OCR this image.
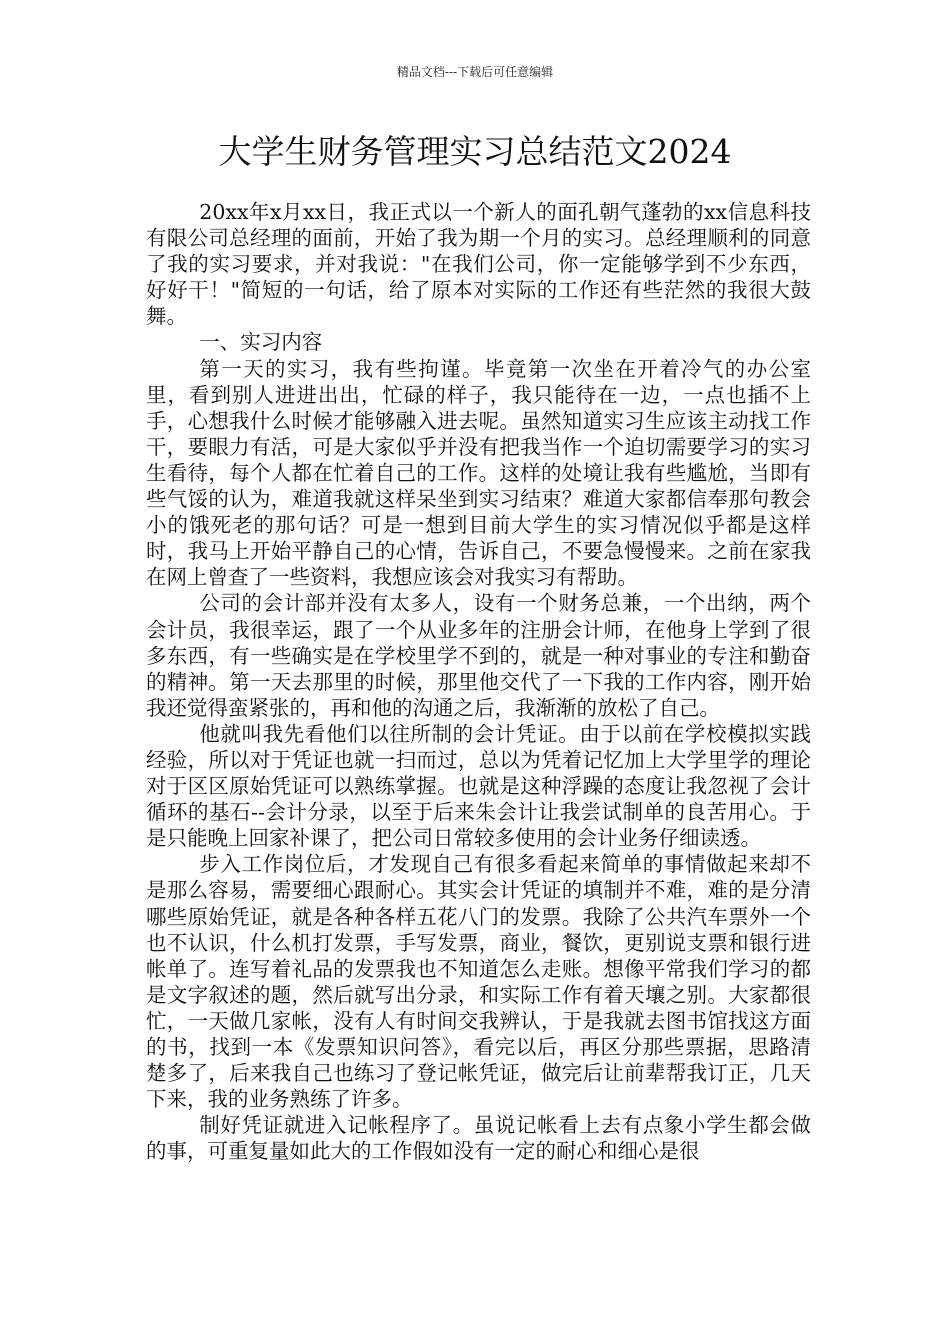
精品文档---下载后可任意编辑
大学生财务管理实习总结范文2024

20xx年x月xx日，我正式以一个新人的面孔朝气蓬勃的xx信息科技有限公司总经理的面前，开始了我为期一个月的实习。总经理顺利的同意了我的实习要求，并对我说："在我们公司，你一定能够学到不少东西，好好干！"简短的一句话，给了原本对实际的工作还有些茫然的我很大鼓舞。

一、实习内容

第一天的实习，我有些拘谨。毕竟第一次坐在开着冷气的办公室里，看到别人进进出出，忙碌的样子，我只能待在一边，一点也插不上手，心想我什么时候才能够融入进去呢。虽然知道实习生应该主动找工作干，要眼力有活，可是大家似乎并没有把我当作一个迫切需要学习的实习生看待，每个人都在忙着自己的工作。这样的处境让我有些尴尬，当即有些气馁的认为，难道我就这样呆坐到实习结束？难道大家都信奉那句教会小的饿死老的那句话？可是一想到目前大学生的实习情况似乎都是这样时，我马上开始平静自己的心情，告诉自己，不要急慢慢来。之前在家我在网上曾查了一些资料，我想应该会对我实习有帮助。

公司的会计部并没有太多人，设有一个财务总兼，一个出纳，两个会计员，我很幸运，跟了一个从业多年的注册会计师，在他身上学到了很多东西，有一些确实是在学校里学不到的，就是一种对事业的专注和勤奋的精神。第一天去那里的时候，那里他交代了一下我的工作内容，刚开始我还觉得蛮紧张的，再和他的沟通之后，我渐渐的放松了自己。

他就叫我先看他们以往所制的会计凭证。由于以前在学校模拟实践经验，所以对于凭证也就一扫而过，总以为凭着记忆加上大学里学的理论对于区区原始凭证可以熟练掌握。也就是这种浮躁的态度让我忽视了会计循环的基石--会计分录，以至于后来朱会计让我尝试制单的良苦用心。于是只能晚上回家补课了，把公司日常较多使用的会计业务仔细读透。

步入工作岗位后，才发现自己有很多看起来简单的事情做起来却不是那么容易，需要细心跟耐心。其实会计凭证的填制并不难，难的是分清哪些原始凭证，就是各种各样五花八门的发票。我除了公共汽车票外一个也不认识，什么机打发票，手写发票，商业，餐饮，更别说支票和银行进帐单了。连写着礼品的发票我也不知道怎么走账。想像平常我们学习的都是文字叙述的题，然后就写出分录，和实际工作有着天壤之别。大家都很忙，一天做几家帐，没有人有时间交我辨认，于是我就去图书馆找这方面的书，找到一本《发票知识问答》，看完以后，再区分那些票据，思路清楚多了，后来我自己也练习了登记帐凭证，做完后让前辈帮我订正，几天下来，我的业务熟练了许多。

制好凭证就进入记帐程序了。虽说记帐看上去有点象小学生都会做的事，可重复量如此大的工作假如没有一定的耐心和细心是很
